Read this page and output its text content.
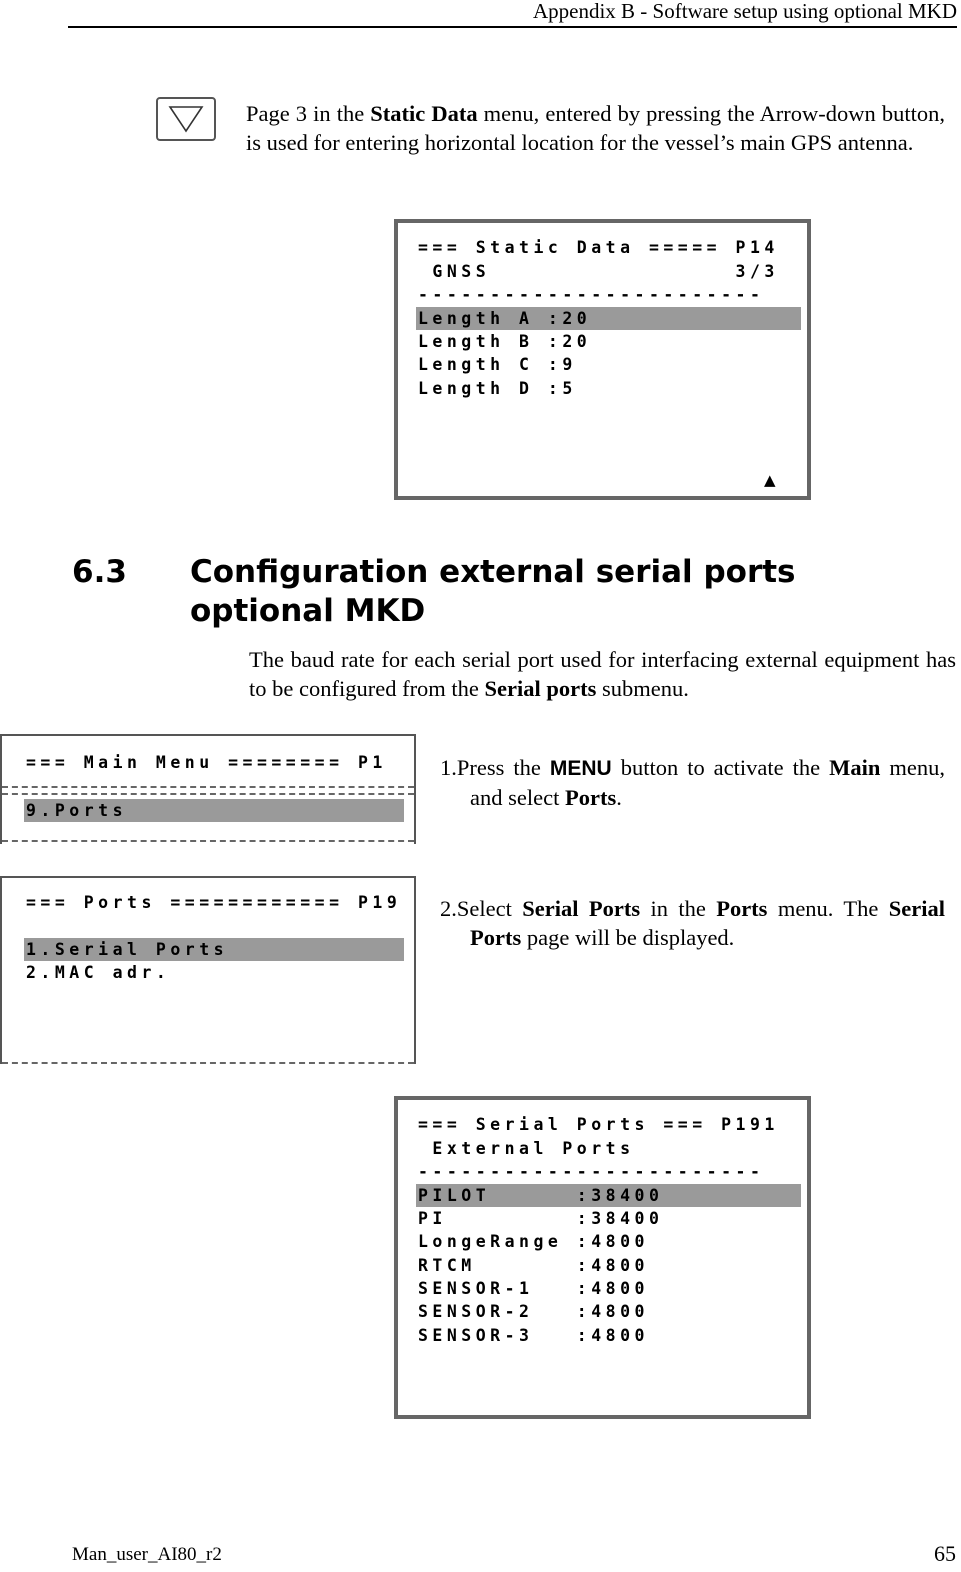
Appendix B - Software setup using optional MKD

Page 3 in the Static Data menu, entered by pressing the Arrow-down button, is used for entering horizontal location for the vessel’s main GPS antenna.

=== Static Data ===== P14
GNSS                 3/3
------------------------
Length A :20
Length B :20
Length C :9
Length D :5
▲
6.3 Configuration external serial ports
optional MKD

The baud rate for each serial port used for interfacing external equipment has to be configured from the Serial ports submenu.

=== Main Menu ======== P1
9.Ports

1.Press the MENU button to activate the Main menu, and select Ports.

=== Ports ============ P19
1.Serial Ports
2.MAC adr.

2.Select Serial Ports in the Ports menu. The Serial Ports page will be displayed.

=== Serial Ports === P191
External Ports
------------------------
PILOT      :38400
PI         :38400
LongeRange :4800
RTCM       :4800
SENSOR-1   :4800
SENSOR-2   :4800
SENSOR-3   :4800
Man_user_AI80_r2	65
